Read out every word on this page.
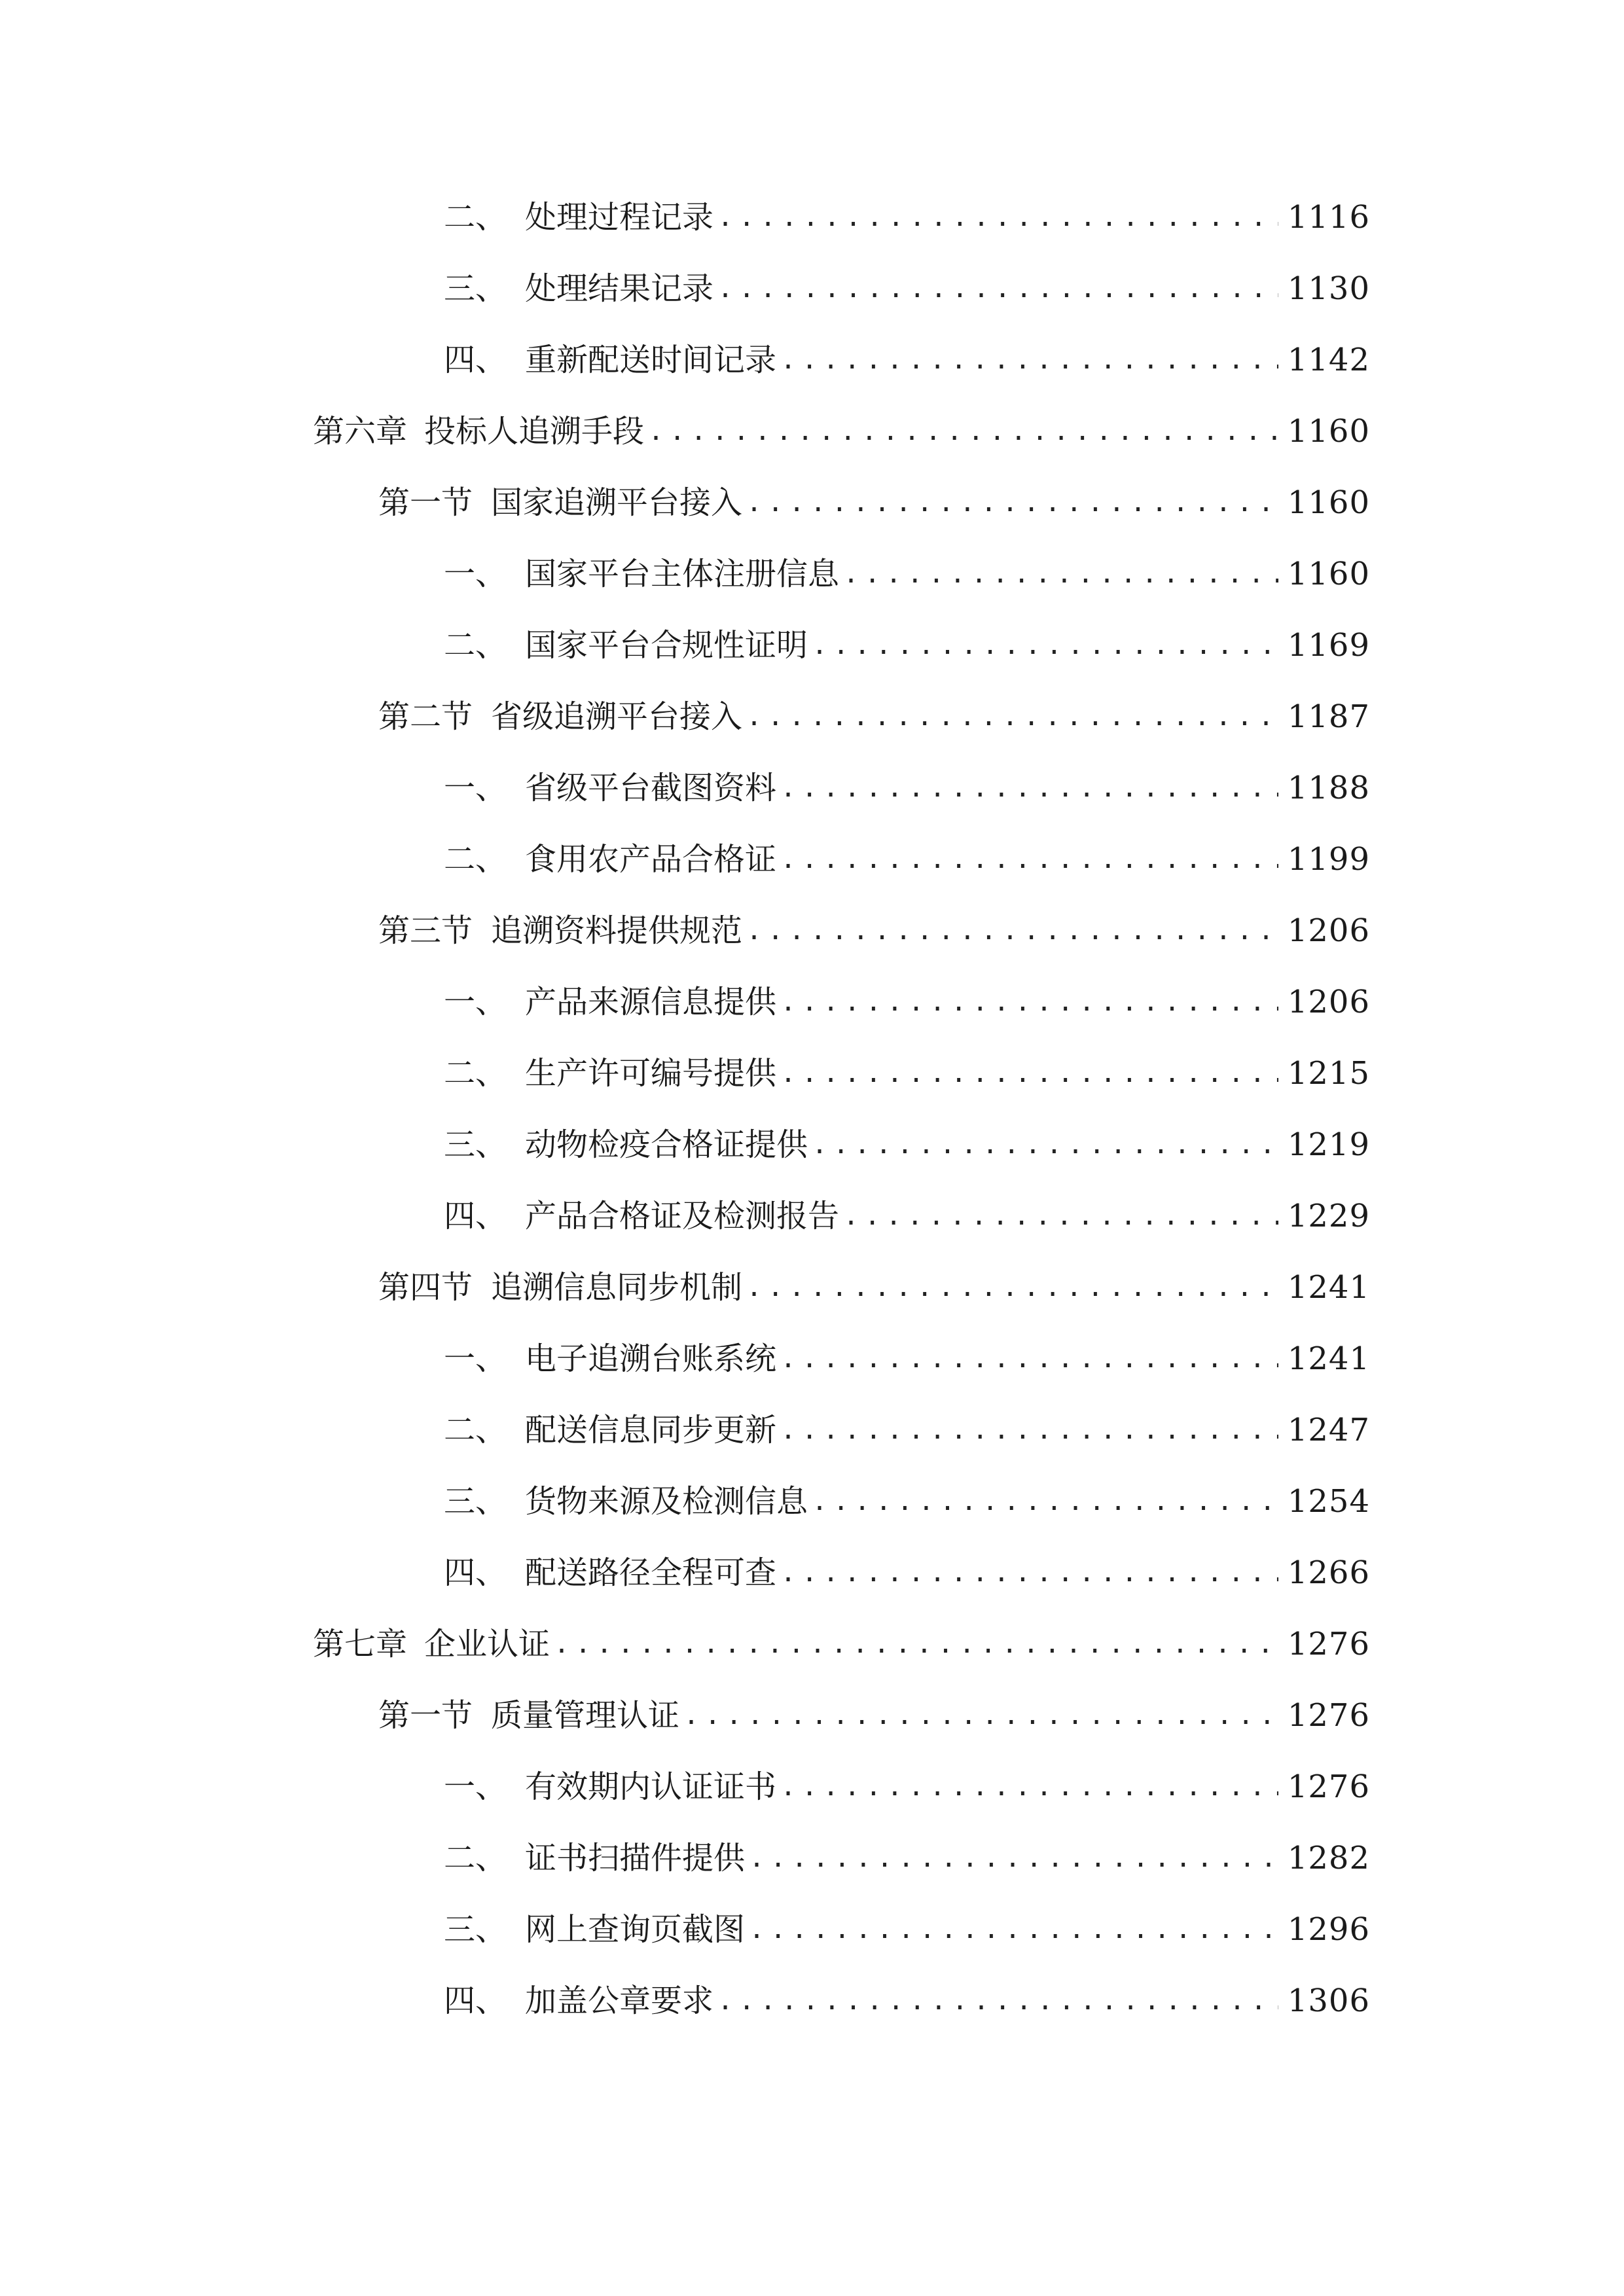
二、 处理过程记录 .....	1116
三、 处理结果记录 .....	1130
四、 重新配送时间记录 .....	1142
第六章 投标人追溯手段 .....	1160
第一节 国家追溯平台接入 .....	1160
一、 国家平台主体注册信息 .....	1160
二、 国家平台合规性证明 .....	1169
第二节 省级追溯平台接入 .....	1187
一、 省级平台截图资料 .....	1188
二、 食用农产品合格证 .....	1199
第三节 追溯资料提供规范 .....	1206
一、 产品来源信息提供 .....	1206
二、 生产许可编号提供 .....	1215
三、 动物检疫合格证提供 .....	1219
四、 产品合格证及检测报告 .....	1229
第四节 追溯信息同步机制 .....	1241
一、 电子追溯台账系统 .....	1241
二、 配送信息同步更新 .....	1247
三、 货物来源及检测信息 .....	1254
四、 配送路径全程可查 .....	1266
第七章 企业认证 .....	1276
第一节 质量管理认证 .....	1276
一、 有效期内认证证书 .....	1276
二、 证书扫描件提供 .....	1282
三、 网上查询页截图 .....	1296
四、 加盖公章要求 .....	1306
